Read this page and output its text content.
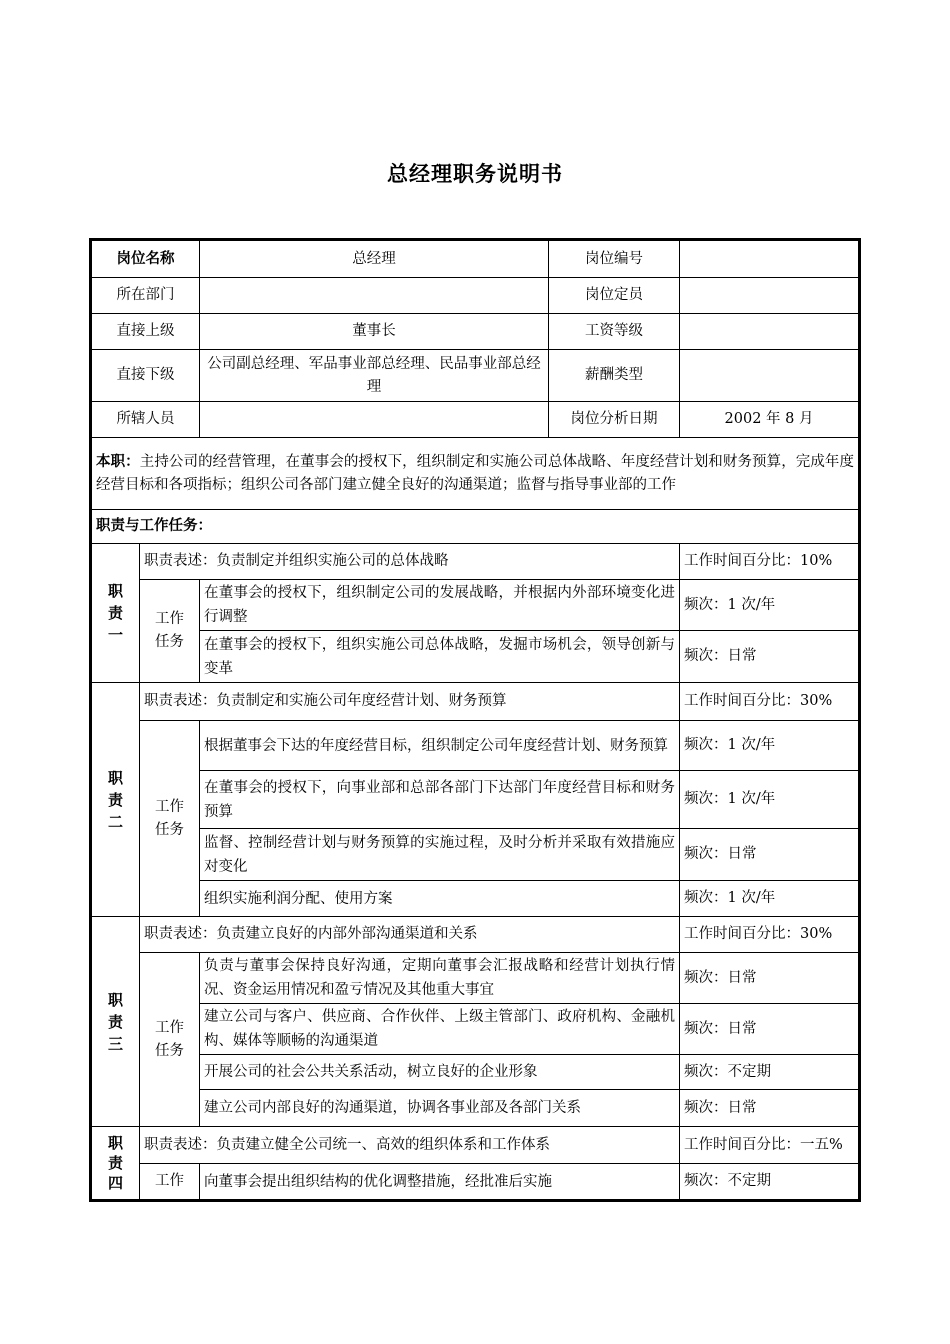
总经理职务说明书
岗位名称	总经理	岗位编号	
所在部门		岗位定员	
直接上级	董事长	工资等级	
直接下级	公司副总经理、军品事业部总经理、民品事业部总经理	薪酬类型	
所辖人员		岗位分析日期	2002 年 8 月
本职：主持公司的经营管理，在董事会的授权下，组织制定和实施公司总体战略、年度经营计划和财务预算，完成年度经营目标和各项指标；组织公司各部门建立健全良好的沟通渠道；监督与指导事业部的工作			
职责与工作任务：			
职责一	职责表述：负责制定并组织实施公司的总体战略		工作时间百分比：10%
	工作任务	在董事会的授权下，组织制定公司的发展战略，并根据内外部环境变化进行调整	频次：1 次/年
		在董事会的授权下，组织实施公司总体战略，发掘市场机会，领导创新与变革	频次：日常
职责二	职责表述：负责制定和实施公司年度经营计划、财务预算		工作时间百分比：30%
	工作任务	根据董事会下达的年度经营目标，组织制定公司年度经营计划、财务预算	频次：1 次/年
		在董事会的授权下，向事业部和总部各部门下达部门年度经营目标和财务预算	频次：1 次/年
		监督、控制经营计划与财务预算的实施过程，及时分析并采取有效措施应对变化	频次：日常
		组织实施利润分配、使用方案	频次：1 次/年
职责三	职责表述：负责建立良好的内部外部沟通渠道和关系		工作时间百分比：30%
	工作任务	负责与董事会保持良好沟通，定期向董事会汇报战略和经营计划执行情况、资金运用情况和盈亏情况及其他重大事宜	频次：日常
		建立公司与客户、供应商、合作伙伴、上级主管部门、政府机构、金融机构、媒体等顺畅的沟通渠道	频次：日常
		开展公司的社会公共关系活动，树立良好的企业形象	频次：不定期
		建立公司内部良好的沟通渠道，协调各事业部及各部门关系	频次：日常
职责四	职责表述：负责建立健全公司统一、高效的组织体系和工作体系		工作时间百分比：一五%
	工作	向董事会提出组织结构的优化调整措施，经批准后实施	频次：不定期
